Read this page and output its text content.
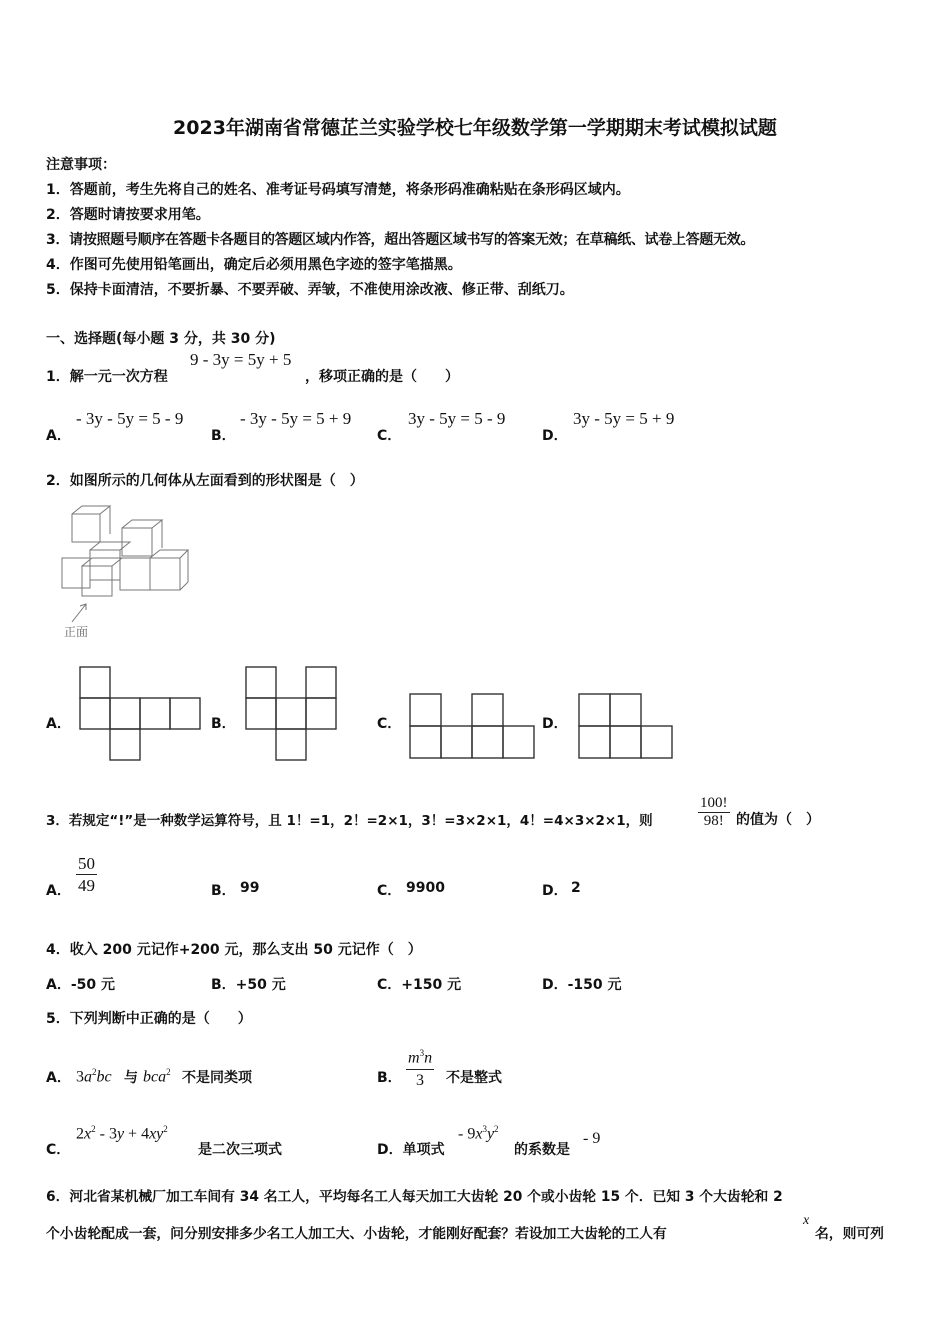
2023年湖南省常德芷兰实验学校七年级数学第一学期期末考试模拟试题
注意事项：
1．答题前，考生先将自己的姓名、准考证号码填写清楚，将条形码准确粘贴在条形码区域内。
2．答题时请按要求用笔。
3．请按照题号顺序在答题卡各题目的答题区域内作答，超出答题区域书写的答案无效；在草稿纸、试卷上答题无效。
4．作图可先使用铅笔画出，确定后必须用黑色字迹的签字笔描黑。
5．保持卡面清洁，不要折暴、不要弄破、弄皱，不准使用涂改液、修正带、刮纸刀。
一、选择题(每小题 3 分，共 30 分)
1．解一元一次方程
9 - 3y = 5y + 5
，移项正确的是（　　）
A．
- 3y - 5y = 5 - 9
B．
- 3y - 5y = 5 + 9
C．
3y - 5y = 5 - 9
D．
3y - 5y = 5 + 9
2．如图所示的几何体从左面看到的形状图是（　）
正面
A．	B．	C．	D．
3．若规定“!”是一种数学运算符号，且 1！=1，2！=2×1，3！=3×2×1，4！=4×3×2×1，则	$\frac{100!}{98!}$ 的值为（　）
A． $\frac{50}{49}$	B． 99	C． 9900	D． 2
4．收入 200 元记作+200 元，那么支出 50 元记作（　）
A．-50 元	B．+50 元	C．+150 元	D．-150 元
5．下列判断中正确的是（　　）
A． $3a^2bc$ 与 bca$^2$ 不是同类项	B． $\frac{m^3n}{3}$ 不是整式
C．
$2x^2 - 3y + 4xy^2$
是二次三项式	D．单项式
- $9x^3y^2$
的系数是
- 9
6．河北省某机械厂加工车间有 34 名工人，平均每名工人每天加工大齿轮 20 个或小齿轮 15 个．已知 3 个大齿轮和 2
个小齿轮配成一套，问分别安排多少名工人加工大、小齿轮，才能刚好配套？若设加工大齿轮的工人有
x
名，则可列
